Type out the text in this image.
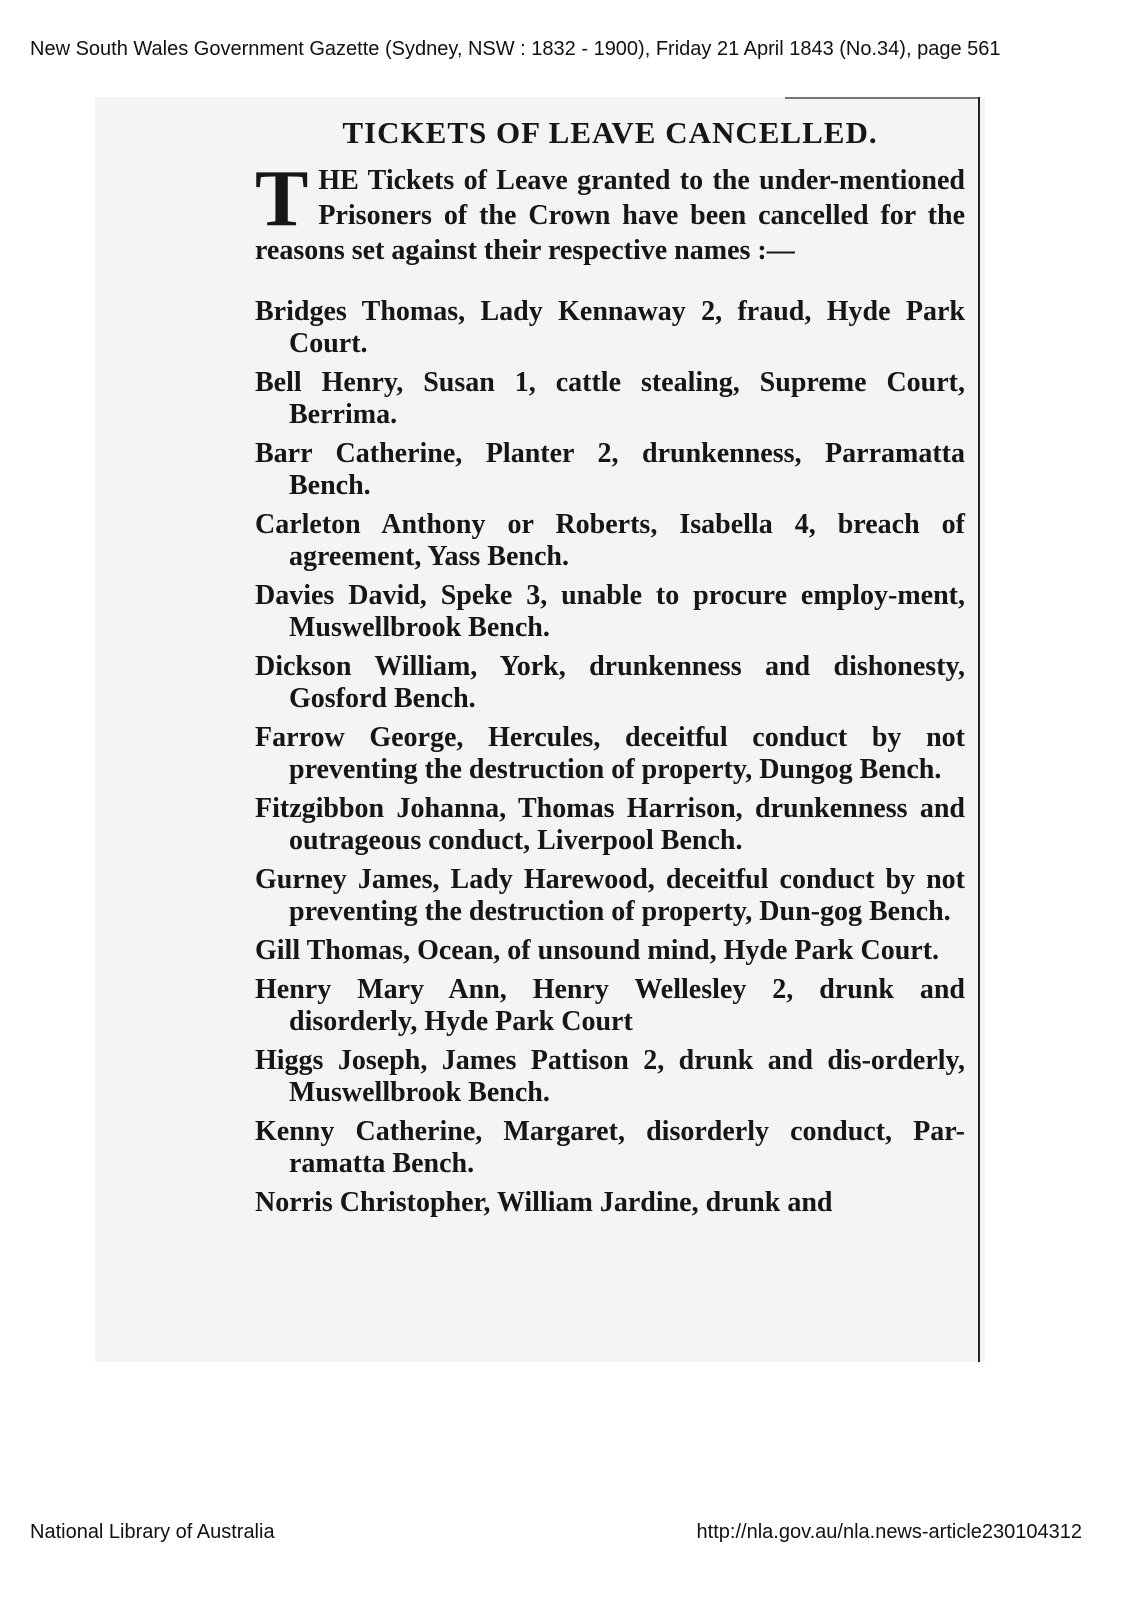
New South Wales Government Gazette (Sydney, NSW : 1832 - 1900), Friday 21 April 1843 (No.34), page 561
TICKETS OF LEAVE CANCELLED.
T HE Tickets of Leave granted to the under-mentioned Prisoners of the Crown have been cancelled for the reasons set against their respective names :—

Bridges Thomas, Lady Kennaway 2, fraud, Hyde Park Court.

Bell Henry, Susan 1, cattle stealing, Supreme Court, Berrima.

Barr Catherine, Planter 2, drunkenness, Parramatta Bench.

Carleton Anthony or Roberts, Isabella 4, breach of agreement, Yass Bench.

Davies David, Speke 3, unable to procure employ-ment, Muswellbrook Bench.

Dickson William, York, drunkenness and dishonesty, Gosford Bench.

Farrow George, Hercules, deceitful conduct by not preventing the destruction of property, Dungog Bench.

Fitzgibbon Johanna, Thomas Harrison, drunkenness and outrageous conduct, Liverpool Bench.

Gurney James, Lady Harewood, deceitful conduct by not preventing the destruction of property, Dun-gog Bench.

Gill Thomas, Ocean, of unsound mind, Hyde Park Court.

Henry Mary Ann, Henry Wellesley 2, drunk and disorderly, Hyde Park Court

Higgs Joseph, James Pattison 2, drunk and dis-orderly, Muswellbrook Bench.

Kenny Catherine, Margaret, disorderly conduct, Par-ramatta Bench.

Norris Christopher, William Jardine, drunk and

National Library of Australia	http://nla.gov.au/nla.news-article230104312
